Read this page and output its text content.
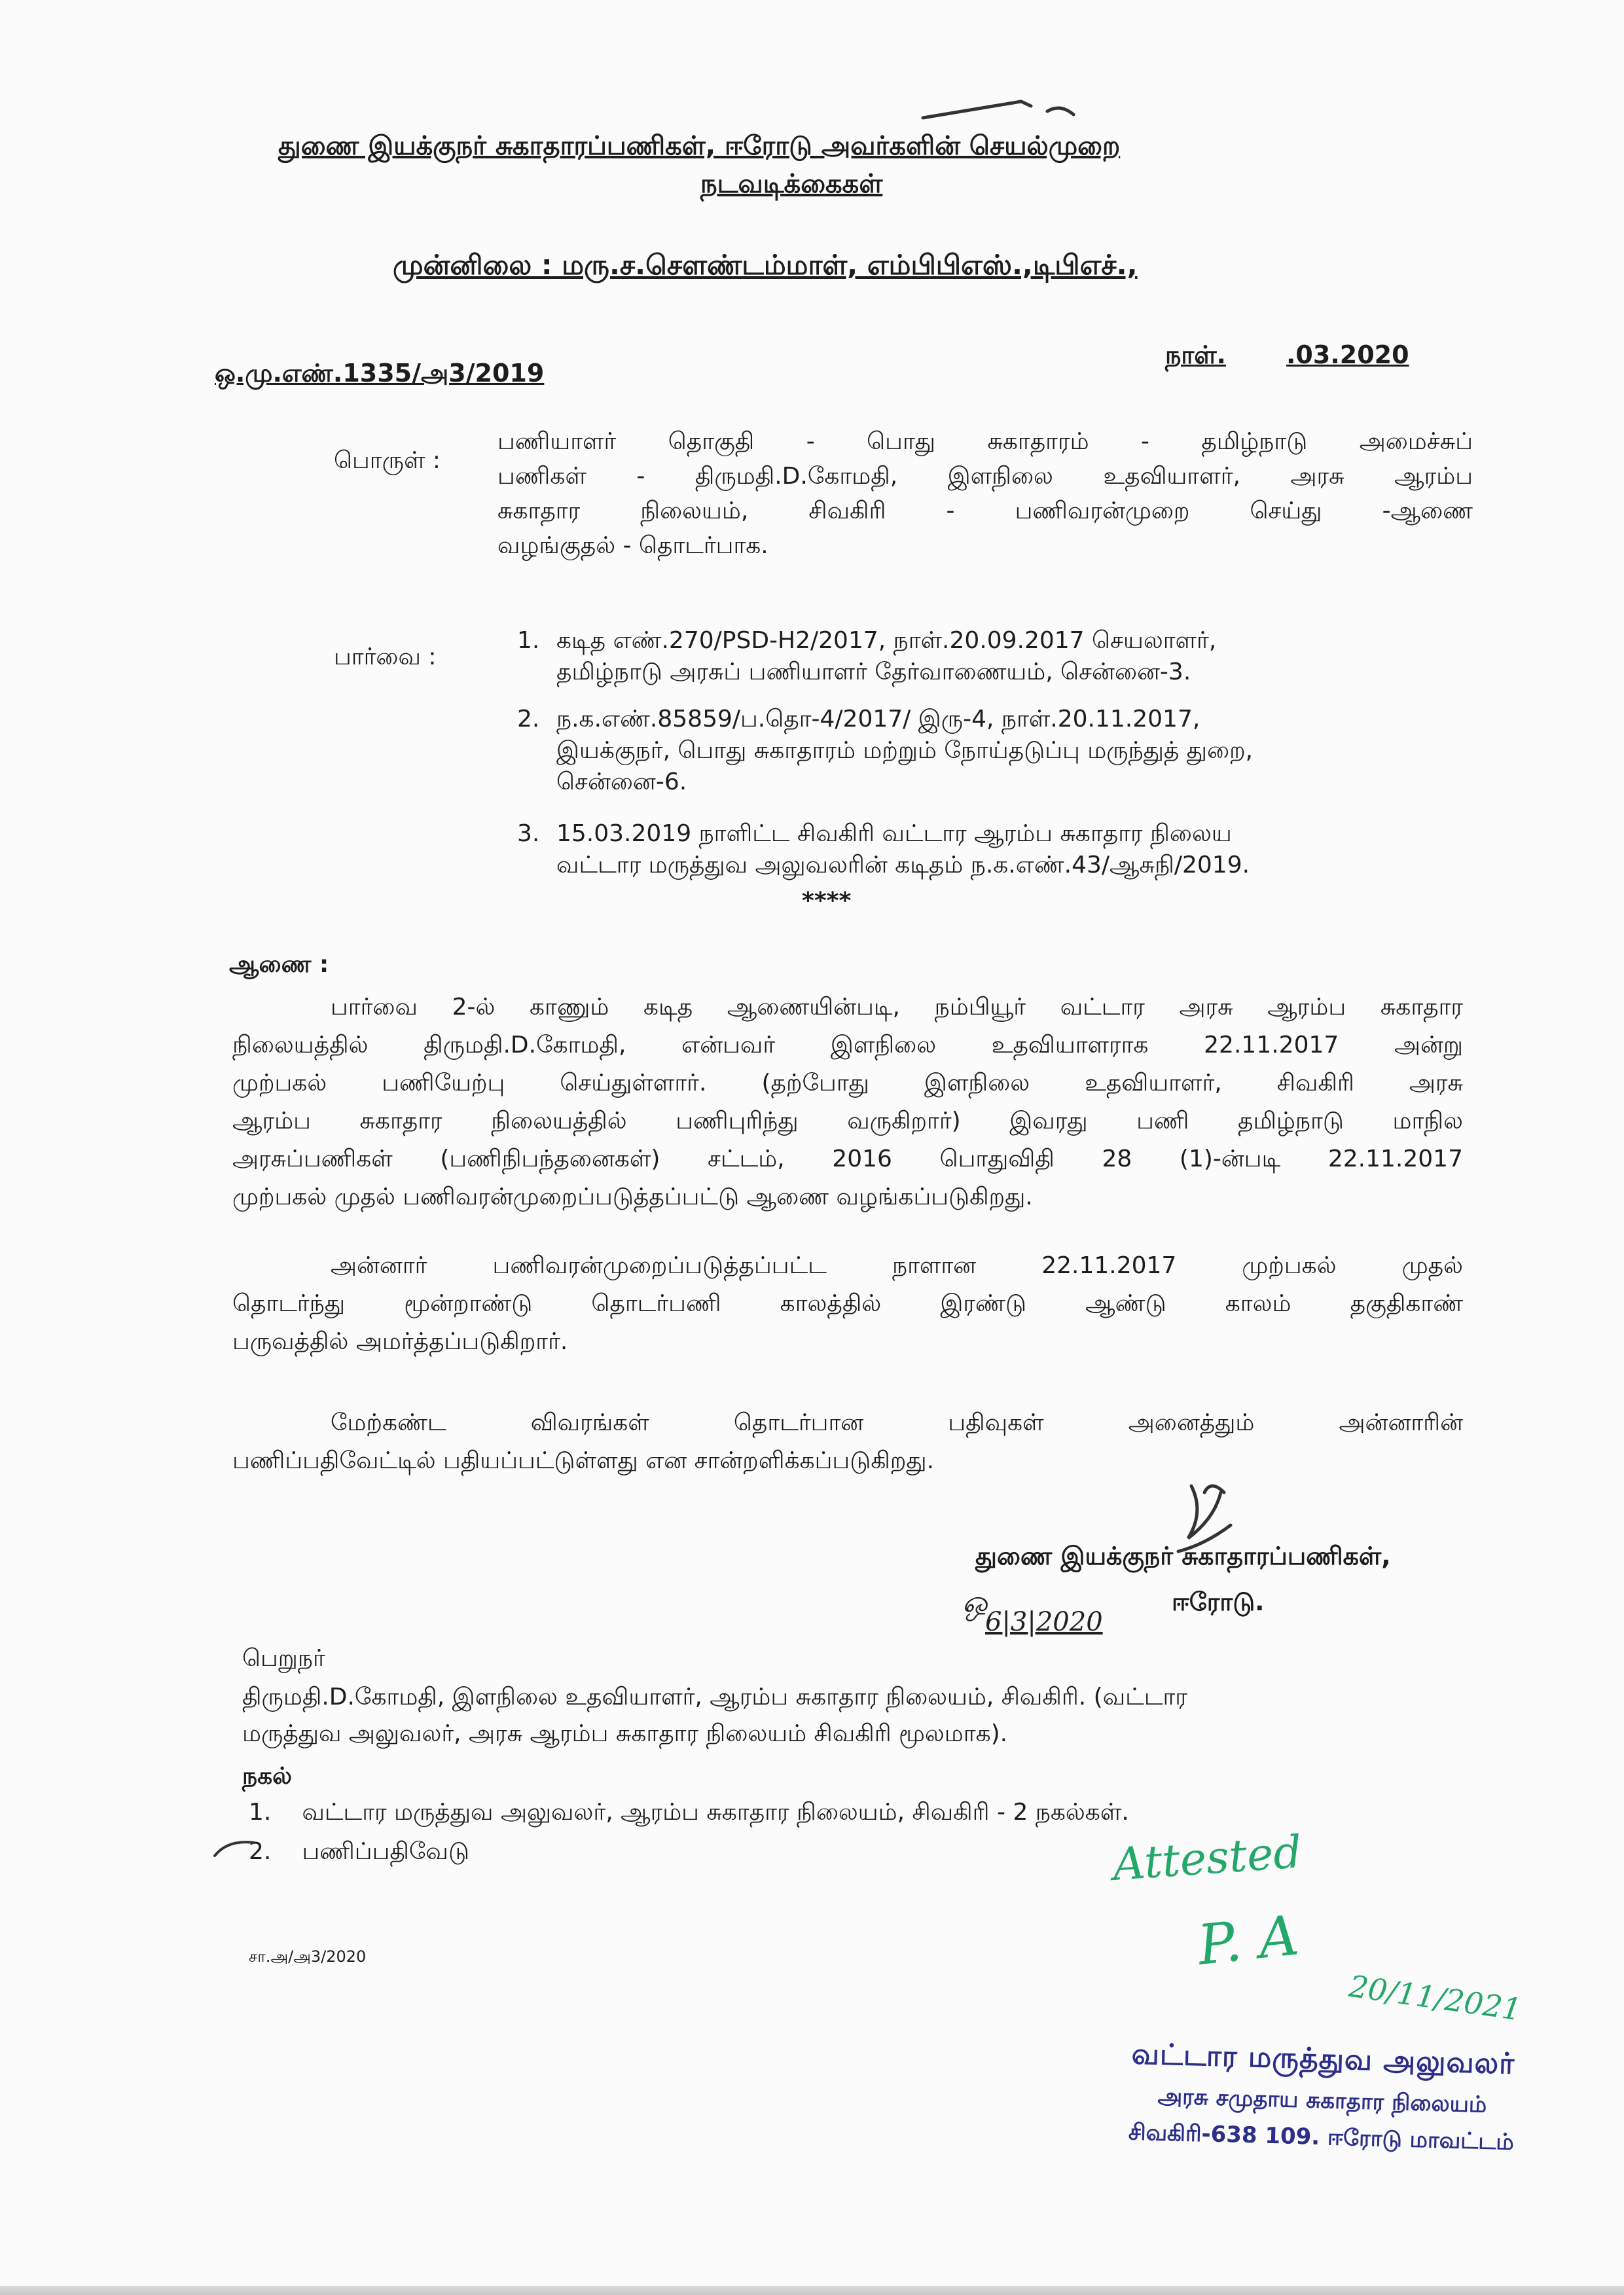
துணை இயக்குநர் சுகாதாரப்பணிகள், ஈரோடு அவர்களின் செயல்முறை
நடவடிக்கைகள்
முன்னிலை : மரு.ச.சௌண்டம்மாள், எம்பிபிஎஸ்.,டிபிஎச்.,
ஒ.மு.எண்.1335/அ3/2019
நாள். .03.2020
பொருள் :
பணியாளர் தொகுதி - பொது சுகாதாரம் - தமிழ்நாடு அமைச்சுப்
பணிகள் - திருமதி.D.கோமதி, இளநிலை உதவியாளர், அரசு ஆரம்ப
சுகாதார நிலையம், சிவகிரி - பணிவரன்முறை செய்து -ஆணை
வழங்குதல் - தொடர்பாக.
பார்வை :
1. கடித எண்.270/PSD-H2/2017, நாள்.20.09.2017 செயலாளர்,
தமிழ்நாடு அரசுப் பணியாளர் தேர்வாணையம், சென்னை-3.
2. ந.க.எண்.85859/ப.தொ-4/2017/ இரு-4, நாள்.20.11.2017,
இயக்குநர், பொது சுகாதாரம் மற்றும் நோய்தடுப்பு மருந்துத் துறை,
சென்னை-6.
3. 15.03.2019 நாளிட்ட சிவகிரி வட்டார ஆரம்ப சுகாதார நிலைய
வட்டார மருத்துவ அலுவலரின் கடிதம் ந.க.எண்.43/ஆசுநி/2019.
****
ஆணை :
பார்வை 2-ல் காணும் கடித ஆணையின்படி, நம்பியூர் வட்டார அரசு ஆரம்ப சுகாதார
நிலையத்தில் திருமதி.D.கோமதி, என்பவர் இளநிலை உதவியாளராக 22.11.2017 அன்று
முற்பகல் பணியேற்பு செய்துள்ளார். (தற்போது இளநிலை உதவியாளர், சிவகிரி அரசு
ஆரம்ப சுகாதார நிலையத்தில் பணிபுரிந்து வருகிறார்) இவரது பணி தமிழ்நாடு மாநில
அரசுப்பணிகள் (பணிநிபந்தனைகள்) சட்டம், 2016 பொதுவிதி 28 (1)-ன்படி 22.11.2017
முற்பகல் முதல் பணிவரன்முறைப்படுத்தப்பட்டு ஆணை வழங்கப்படுகிறது.
அன்னார் பணிவரன்முறைப்படுத்தப்பட்ட நாளான 22.11.2017 முற்பகல் முதல்
தொடர்ந்து மூன்றாண்டு தொடர்பணி காலத்தில் இரண்டு ஆண்டு காலம் தகுதிகாண்
பருவத்தில் அமர்த்தப்படுகிறார்.
மேற்கண்ட விவரங்கள் தொடர்பான பதிவுகள் அனைத்தும் அன்னாரின்
பணிப்பதிவேட்டில் பதியப்பட்டுள்ளது என சான்றளிக்கப்படுகிறது.
துணை இயக்குநர் சுகாதாரப்பணிகள்,
ஒ
6|3|2020
ஈரோடு.
பெறுநர்
திருமதி.D.கோமதி, இளநிலை உதவியாளர், ஆரம்ப சுகாதார நிலையம், சிவகிரி. (வட்டார
மருத்துவ அலுவலர், அரசு ஆரம்ப சுகாதார நிலையம் சிவகிரி மூலமாக).
நகல்
1. வட்டார மருத்துவ அலுவலர், ஆரம்ப சுகாதார நிலையம், சிவகிரி - 2 நகல்கள்.
2. பணிப்பதிவேடு
சா.அ/அ3/2020
Attested
P. A
20/11/2021
வட்டார மருத்துவ அலுவலர்
அரசு சமுதாய சுகாதார நிலையம்
சிவகிரி-638 109. ஈரோடு மாவட்டம்
